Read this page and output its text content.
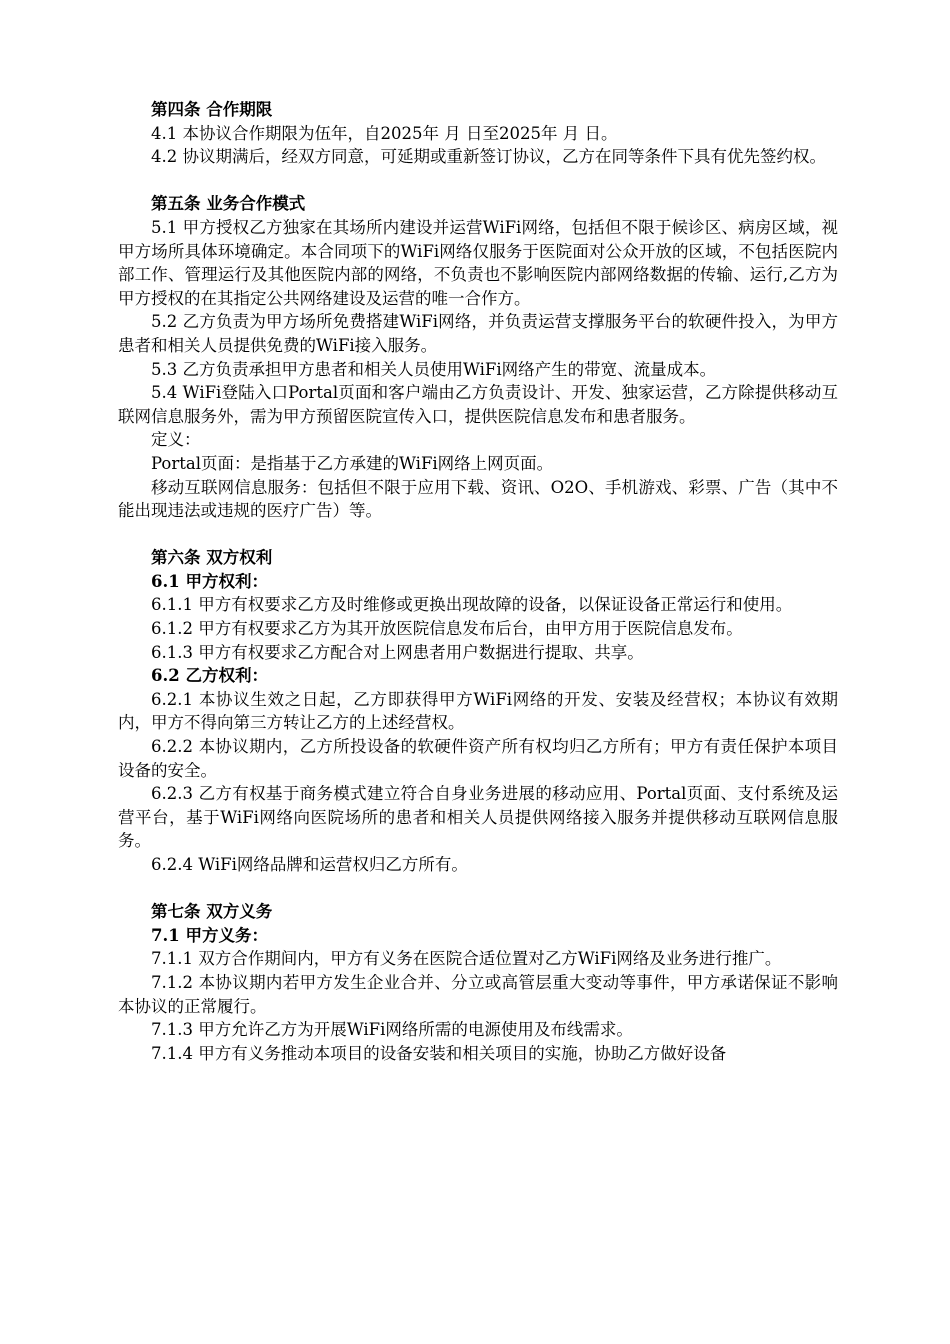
第四条 合作期限

4.1 本协议合作期限为伍年，自2025年 月 日至2025年 月 日。

4.2 协议期满后，经双方同意，可延期或重新签订协议，乙方在同等条件下具有优先签约权。

第五条 业务合作模式

5.1 甲方授权乙方独家在其场所内建设并运营WiFi网络，包括但不限于候诊区、病房区域，视甲方场所具体环境确定。本合同项下的WiFi网络仅服务于医院面对公众开放的区域，不包括医院内部工作、管理运行及其他医院内部的网络，不负责也不影响医院内部网络数据的传输、运行,乙方为甲方授权的在其指定公共网络建设及运营的唯一合作方。

5.2 乙方负责为甲方场所免费搭建WiFi网络，并负责运营支撑服务平台的软硬件投入，为甲方患者和相关人员提供免费的WiFi接入服务。

5.3 乙方负责承担甲方患者和相关人员使用WiFi网络产生的带宽、流量成本。

5.4 WiFi登陆入口Portal页面和客户端由乙方负责设计、开发、独家运营，乙方除提供移动互联网信息服务外，需为甲方预留医院宣传入口，提供医院信息发布和患者服务。

定义：

Portal页面：是指基于乙方承建的WiFi网络上网页面。

移动互联网信息服务：包括但不限于应用下载、资讯、O2O、手机游戏、彩票、广告（其中不能出现违法或违规的医疗广告）等。

第六条 双方权利

6.1 甲方权利：

6.1.1 甲方有权要求乙方及时维修或更换出现故障的设备，以保证设备正常运行和使用。

6.1.2 甲方有权要求乙方为其开放医院信息发布后台，由甲方用于医院信息发布。

6.1.3 甲方有权要求乙方配合对上网患者用户数据进行提取、共享。

6.2 乙方权利：

6.2.1 本协议生效之日起，乙方即获得甲方WiFi网络的开发、安装及经营权；本协议有效期内，甲方不得向第三方转让乙方的上述经营权。

6.2.2 本协议期内，乙方所投设备的软硬件资产所有权均归乙方所有；甲方有责任保护本项目设备的安全。

6.2.3 乙方有权基于商务模式建立符合自身业务进展的移动应用、Portal页面、支付系统及运营平台，基于WiFi网络向医院场所的患者和相关人员提供网络接入服务并提供移动互联网信息服务。

6.2.4 WiFi网络品牌和运营权归乙方所有。

第七条 双方义务

7.1 甲方义务：

7.1.1 双方合作期间内，甲方有义务在医院合适位置对乙方WiFi网络及业务进行推广。

7.1.2 本协议期内若甲方发生企业合并、分立或高管层重大变动等事件，甲方承诺保证不影响本协议的正常履行。

7.1.3 甲方允许乙方为开展WiFi网络所需的电源使用及布线需求。

7.1.4 甲方有义务推动本项目的设备安装和相关项目的实施，协助乙方做好设备
